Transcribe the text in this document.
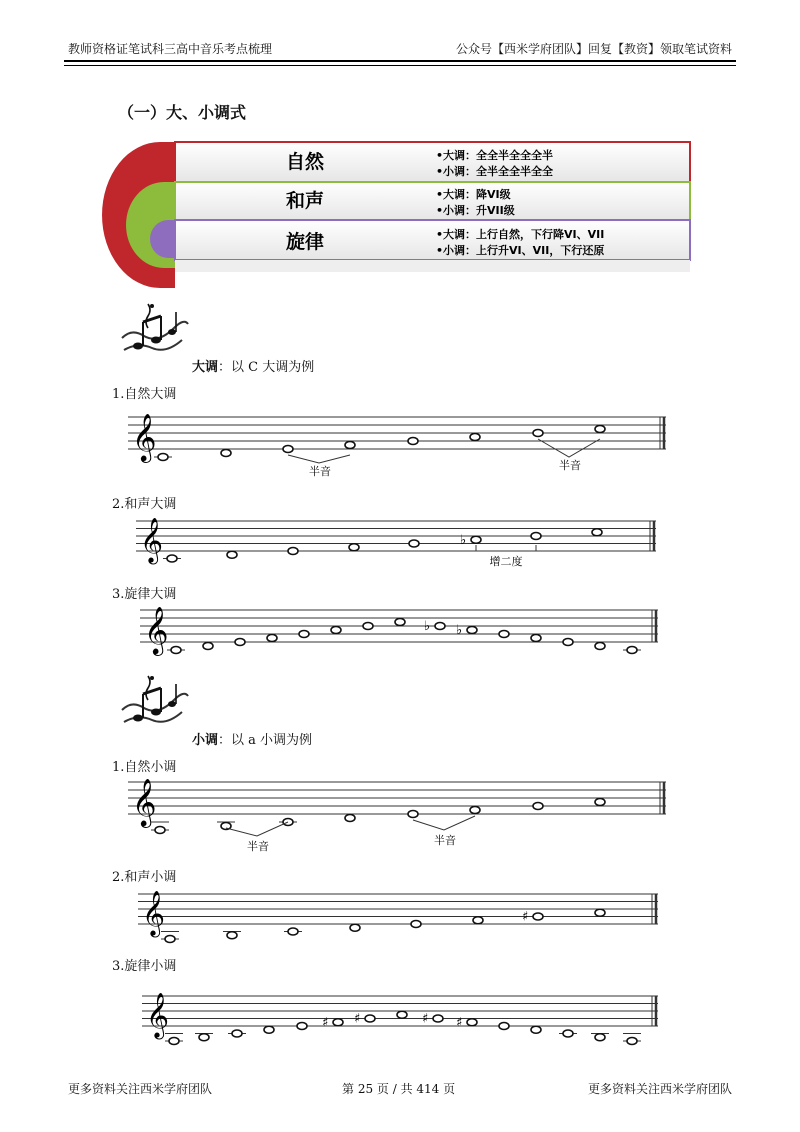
教师资格证笔试科三高中音乐考点梳理	公众号【西米学府团队】回复【教资】领取笔试资料
（一）大、小调式
自然	•大调：全全半全全全半
•小调：全半全全半全全
和声	•大调：降VI级
•小调：升VII级
旋律	•大调：上行自然，下行降VI、VII
•小调：上行升VI、VII，下行还原
大调：以 C 大调为例
1.自然大调
𝄞
半音	半音
2.和声大调
𝄞	♭
增二度
3.旋律大调
𝄞	♭ ♭
小调：以 a 小调为例
1.自然小调
𝄞
半音	半音
2.和声小调
𝄞	♯
3.旋律小调
𝄞	♯ ♯	♯ ♯
更多资料关注西米学府团队	第 25 页 / 共 414 页	更多资料关注西米学府团队
